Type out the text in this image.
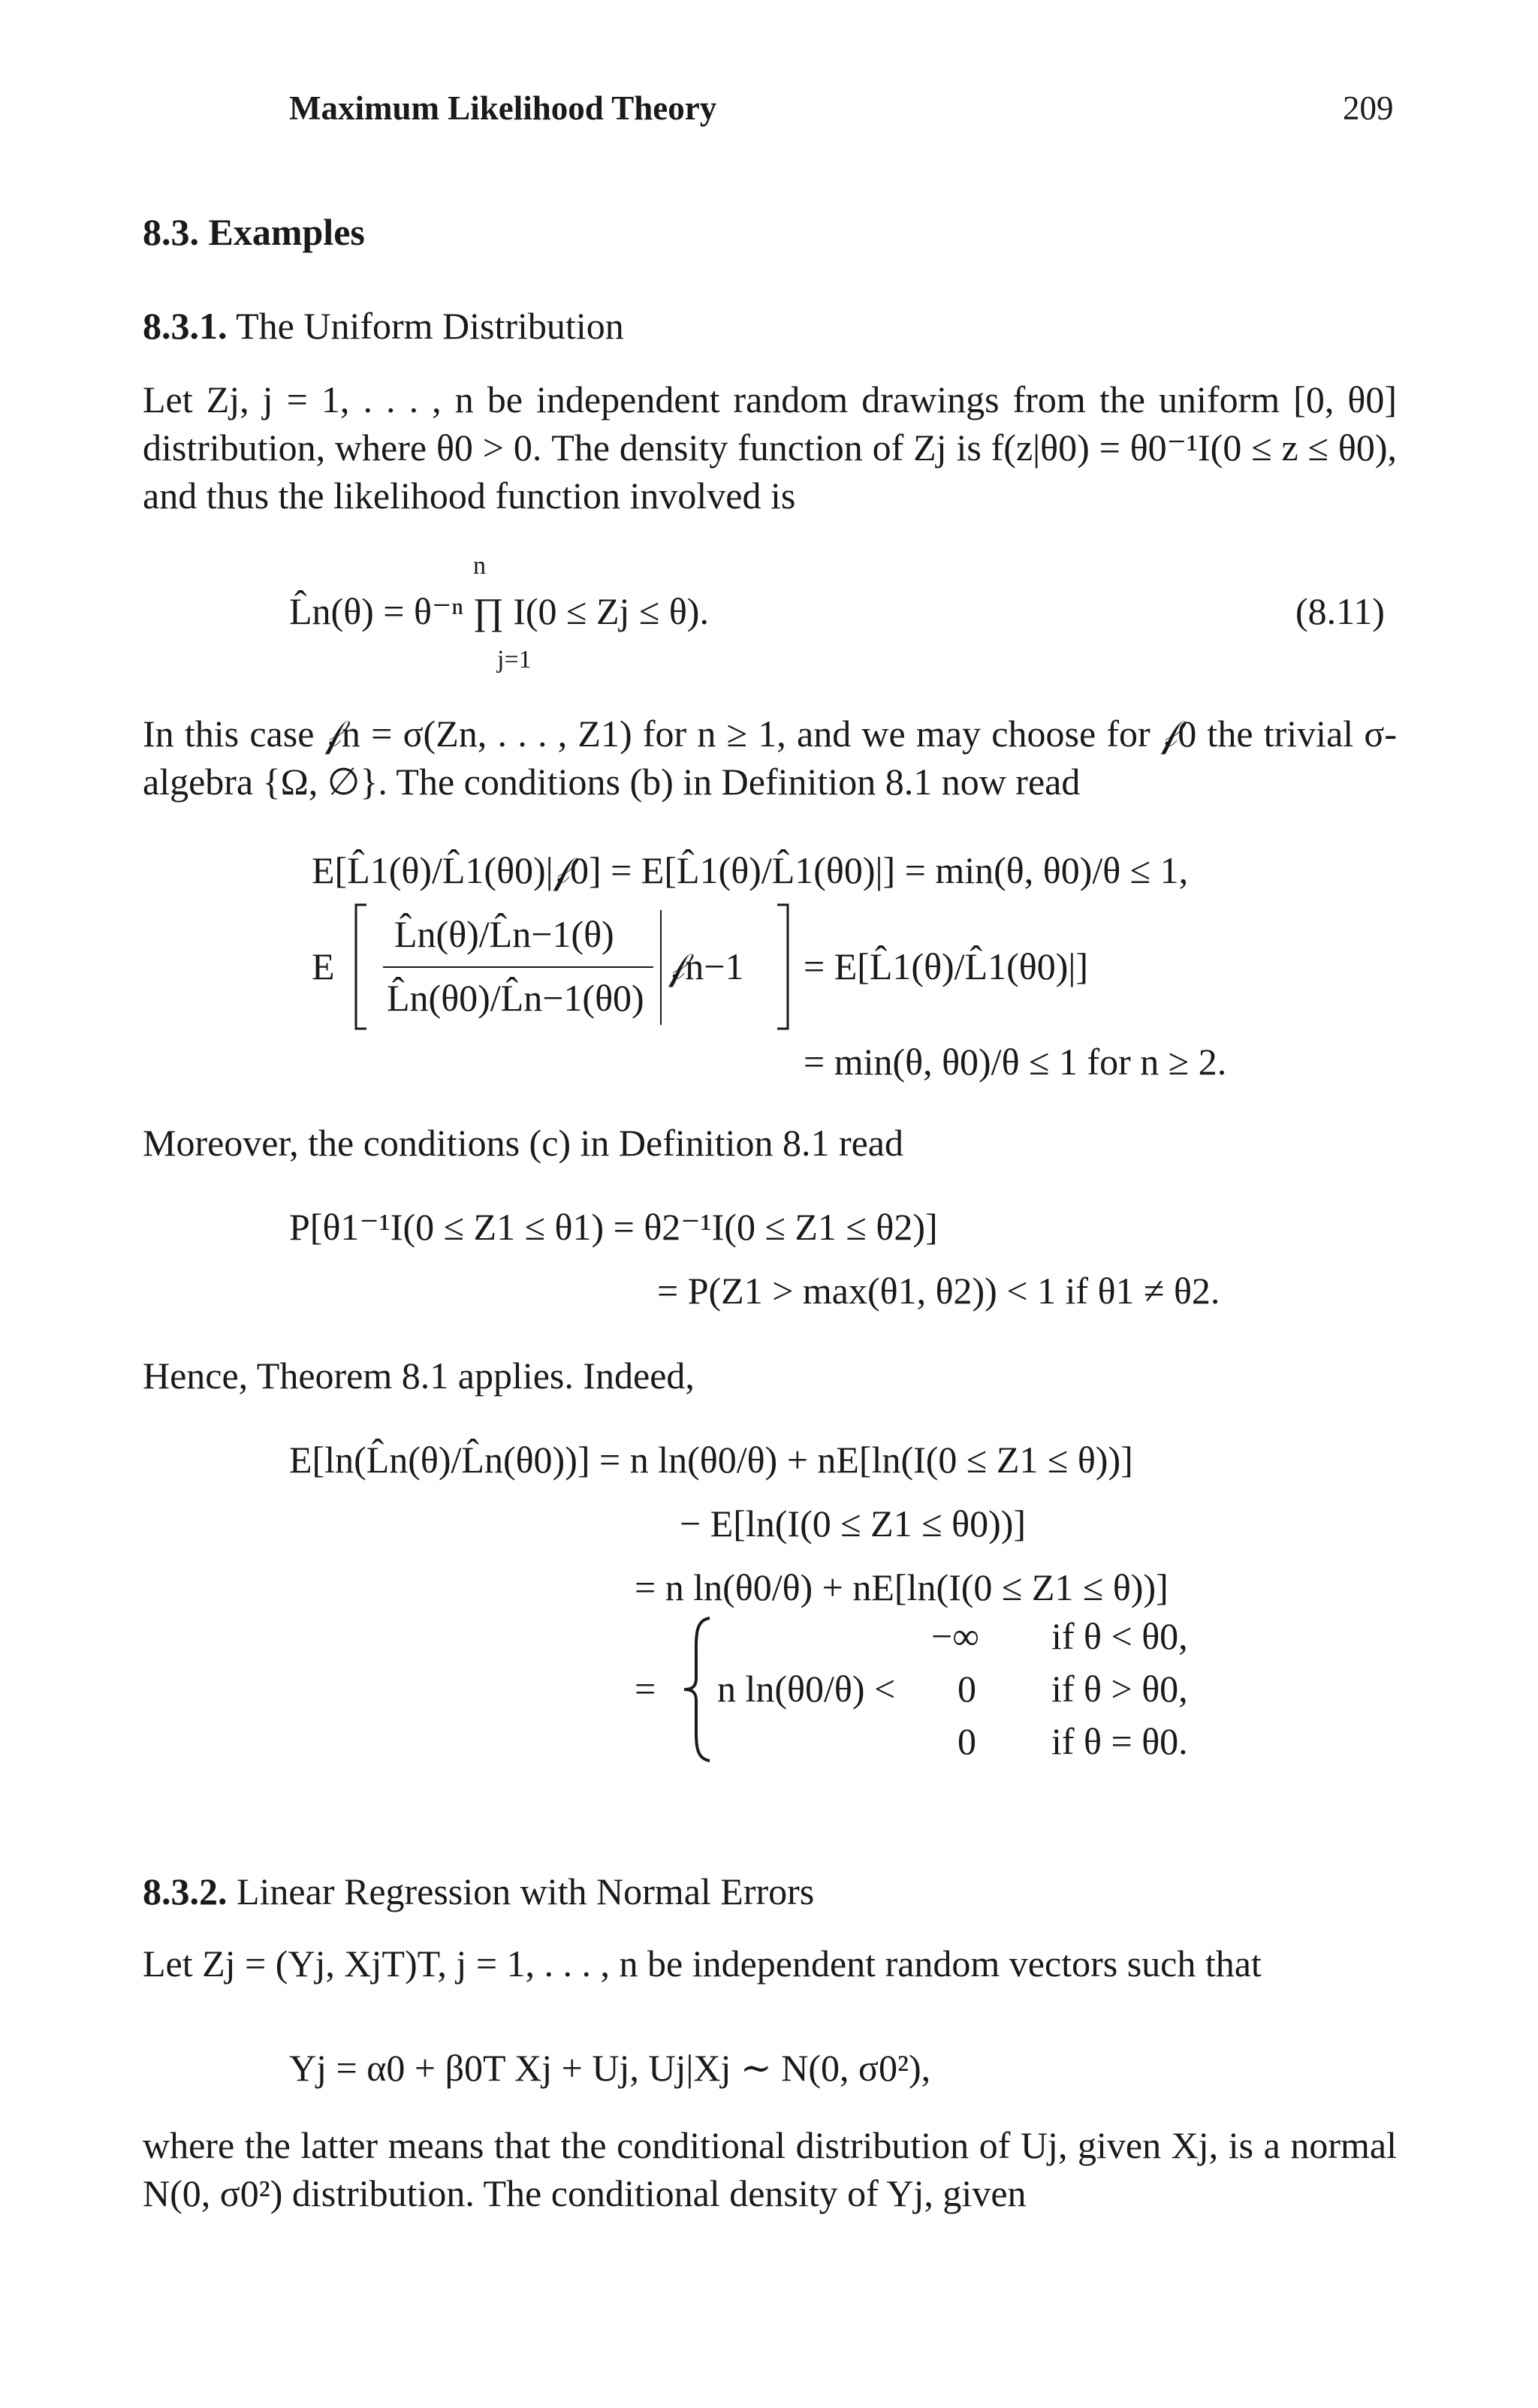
Maximum Likelihood Theory	209
8.3. Examples
8.3.1. The Uniform Distribution
Let Zj, j = 1, . . . , n be independent random drawings from the uniform [0, θ0] distribution, where θ0 > 0. The density function of Zj is f(z|θ0) = θ0⁻¹I(0 ≤ z ≤ θ0), and thus the likelihood function involved is
L̂n(θ) = θ⁻ⁿ ∏ I(0 ≤ Zj ≤ θ).
n
j=1
(8.11)
In this case 𝒻n = σ(Zn, . . . , Z1) for n ≥ 1, and we may choose for 𝒻0 the trivial σ-algebra {Ω, ∅}. The conditions (b) in Definition 8.1 now read
E[L̂1(θ)/L̂1(θ0)|𝒻0] = E[L̂1(θ)/L̂1(θ0)|] = min(θ, θ0)/θ ≤ 1,
E
L̂n(θ)/L̂n−1(θ)
L̂n(θ0)/L̂n−1(θ0)
𝒻n−1 = E[L̂1(θ)/L̂1(θ0)|]
= min(θ, θ0)/θ ≤ 1 for n ≥ 2.
Moreover, the conditions (c) in Definition 8.1 read
P[θ1⁻¹I(0 ≤ Z1 ≤ θ1) = θ2⁻¹I(0 ≤ Z1 ≤ θ2)]
= P(Z1 > max(θ1, θ2)) < 1 if θ1 ≠ θ2.
Hence, Theorem 8.1 applies. Indeed,
E[ln(L̂n(θ)/L̂n(θ0))] = n ln(θ0/θ) + nE[ln(I(0 ≤ Z1 ≤ θ))]
− E[ln(I(0 ≤ Z1 ≤ θ0))]
= n ln(θ0/θ) + nE[ln(I(0 ≤ Z1 ≤ θ))]
= n ln(θ0/θ) <
−∞ if θ < θ0,
0 if θ > θ0,
0 if θ = θ0.
8.3.2. Linear Regression with Normal Errors
Let Zj = (Yj, XjT)T, j = 1, . . . , n be independent random vectors such that
Yj = α0 + β0T Xj + Uj, Uj|Xj ∼ N(0, σ0²),
where the latter means that the conditional distribution of Uj, given Xj, is a normal N(0, σ0²) distribution. The conditional density of Yj, given
